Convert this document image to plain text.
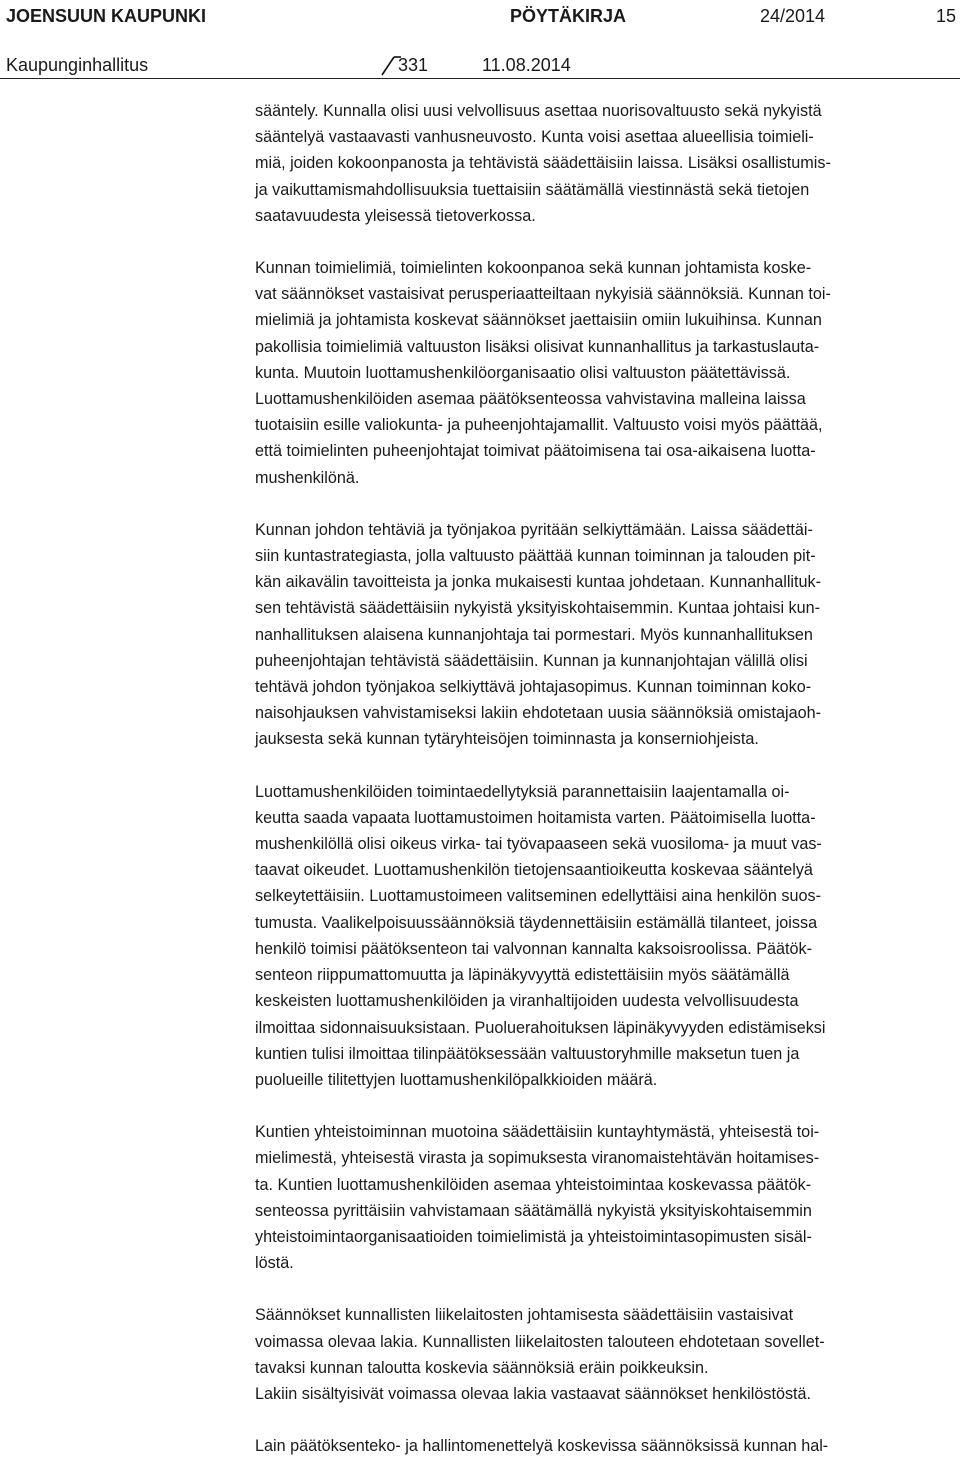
JOENSUUN KAUPUNKI	PÖYTÄKIRJA	24/2014	15
Kaupunginhallitus	331	11.08.2014

sääntely. Kunnalla olisi uusi velvollisuus asettaa nuorisovaltuusto sekä nykyistä
sääntelyä vastaavasti vanhusneuvosto. Kunta voisi asettaa alueellisia toimieli-
miä, joiden kokoonpanosta ja tehtävistä säädettäisiin laissa. Lisäksi osallistumis-
ja vaikuttamismahdollisuuksia tuettaisiin säätämällä viestinnästä sekä tietojen
saatavuudesta yleisessä tietoverkossa.

Kunnan toimielimiä, toimielinten kokoonpanoa sekä kunnan johtamista koske-
vat säännökset vastaisivat perusperiaatteiltaan nykyisiä säännöksiä. Kunnan toi-
mielimiä ja johtamista koskevat säännökset jaettaisiin omiin lukuihinsa. Kunnan
pakollisia toimielimiä valtuuston lisäksi olisivat kunnanhallitus ja tarkastuslauta-
kunta. Muutoin luottamushenkilöorganisaatio olisi valtuuston päätettävissä.
Luottamushenkilöiden asemaa päätöksenteossa vahvistavina malleina laissa
tuotaisiin esille valiokunta- ja puheenjohtajamallit. Valtuusto voisi myös päättää,
että toimielinten puheenjohtajat toimivat päätoimisena tai osa-aikaisena luotta-
mushenkilönä.

Kunnan johdon tehtäviä ja työnjakoa pyritään selkiyttämään. Laissa säädettäi-
siin kuntastrategiasta, jolla valtuusto päättää kunnan toiminnan ja talouden pit-
kän aikavälin tavoitteista ja jonka mukaisesti kuntaa johdetaan. Kunnanhallituk-
sen tehtävistä säädettäisiin nykyistä yksityiskohtaisemmin. Kuntaa johtaisi kun-
nanhallituksen alaisena kunnanjohtaja tai pormestari. Myös kunnanhallituksen
puheenjohtajan tehtävistä säädettäisiin. Kunnan ja kunnanjohtajan välillä olisi
tehtävä johdon työnjakoa selkiyttävä johtajasopimus. Kunnan toiminnan koko-
naisohjauksen vahvistamiseksi lakiin ehdotetaan uusia säännöksiä omistajaoh-
jauksesta sekä kunnan tytäryhteisöjen toiminnasta ja konserniohjeista.

Luottamushenkilöiden toimintaedellytyksiä parannettaisiin laajentamalla oi-
keutta saada vapaata luottamustoimen hoitamista varten. Päätoimisella luotta-
mushenkilöllä olisi oikeus virka- tai työvapaaseen sekä vuosiloma- ja muut vas-
taavat oikeudet. Luottamushenkilön tietojensaantioikeutta koskevaa sääntelyä
selkeytettäisiin. Luottamustoimeen valitseminen edellyttäisi aina henkilön suos-
tumusta. Vaalikelpoisuussäännöksiä täydennettäisiin estämällä tilanteet, joissa
henkilö toimisi päätöksenteon tai valvonnan kannalta kaksoisroolissa. Päätök-
senteon riippumattomuutta ja läpinäkyvyyttä edistettäisiin myös säätämällä
keskeisten luottamushenkilöiden ja viranhaltijoiden uudesta velvollisuudesta
ilmoittaa sidonnaisuuksistaan. Puoluerahoituksen läpinäkyvyyden edistämiseksi
kuntien tulisi ilmoittaa tilinpäätöksessään valtuustoryhmille maksetun tuen ja
puolueille tilitettyjen luottamushenkilöpalkkioiden määrä.

Kuntien yhteistoiminnan muotoina säädettäisiin kuntayhtymästä, yhteisestä toi-
mielimestä, yhteisestä virasta ja sopimuksesta viranomaistehtävän hoitamises-
ta. Kuntien luottamushenkilöiden asemaa yhteistoimintaa koskevassa päätök-
senteossa pyrittäisiin vahvistamaan säätämällä nykyistä yksityiskohtaisemmin
yhteistoimintaorganisaatioiden toimielimistä ja yhteistoimintasopimusten sisäl-
löstä.

Säännökset kunnallisten liikelaitosten johtamisesta säädettäisiin vastaisivat
voimassa olevaa lakia. Kunnallisten liikelaitosten talouteen ehdotetaan sovellet-
tavaksi kunnan taloutta koskevia säännöksiä eräin poikkeuksin.
Lakiin sisältyisivät voimassa olevaa lakia vastaavat säännökset henkilöstöstä.

Lain päätöksenteko- ja hallintomenettelyä koskevissa säännöksissä kunnan hal-
